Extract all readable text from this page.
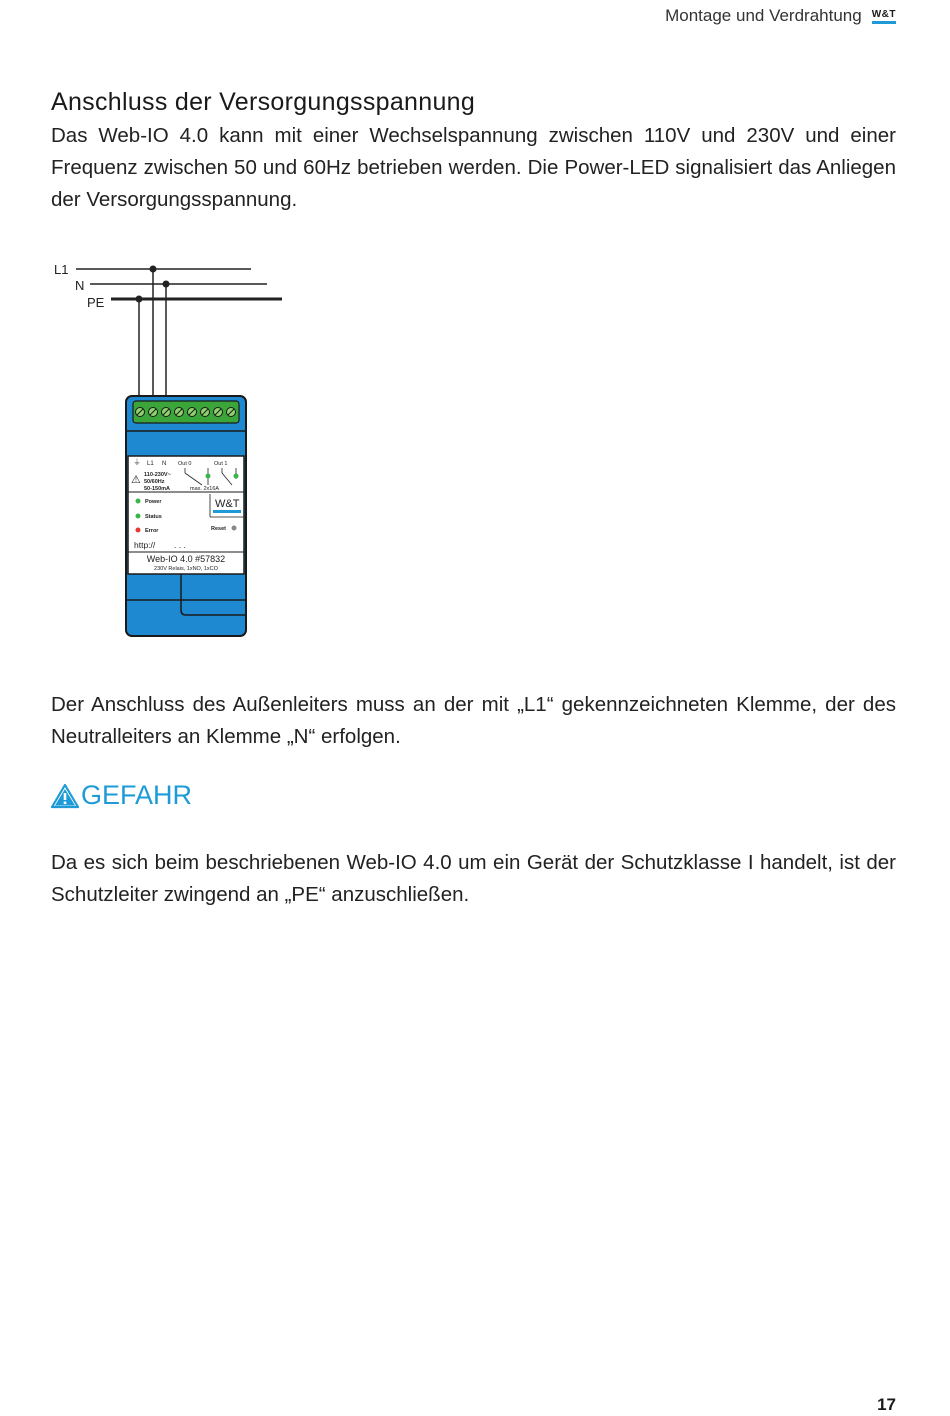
Montage und Verdrahtung W&T
Anschluss der Versorgungsspannung

Das Web-IO 4.0 kann mit einer Wechselspannung zwischen 110V und 230V und einer Frequenz zwischen 50 und 60Hz betrieben werden. Die Power-LED signalisiert das Anliegen der Versorgungsspannung.

L1
N
PE
⏚ L1 N Out 0	Out 1
⚠ 110-230V~
50/60Hz
50-150mA	max. 2x16A
Power
Status
Error	Reset
W&T
http:// . . .
Web-IO 4.0 #57832
230V Relais, 1xNO, 1xCO

Der Anschluss des Außenleiters muss an der mit „L1“ gekennzeichneten Klemme, der des Neutralleiters an Klemme „N“ erfolgen.

GEFAHR

Da es sich beim beschriebenen Web-IO 4.0 um ein Gerät der Schutzklasse I handelt, ist der Schutzleiter zwingend an „PE“ anzuschließen.

17
